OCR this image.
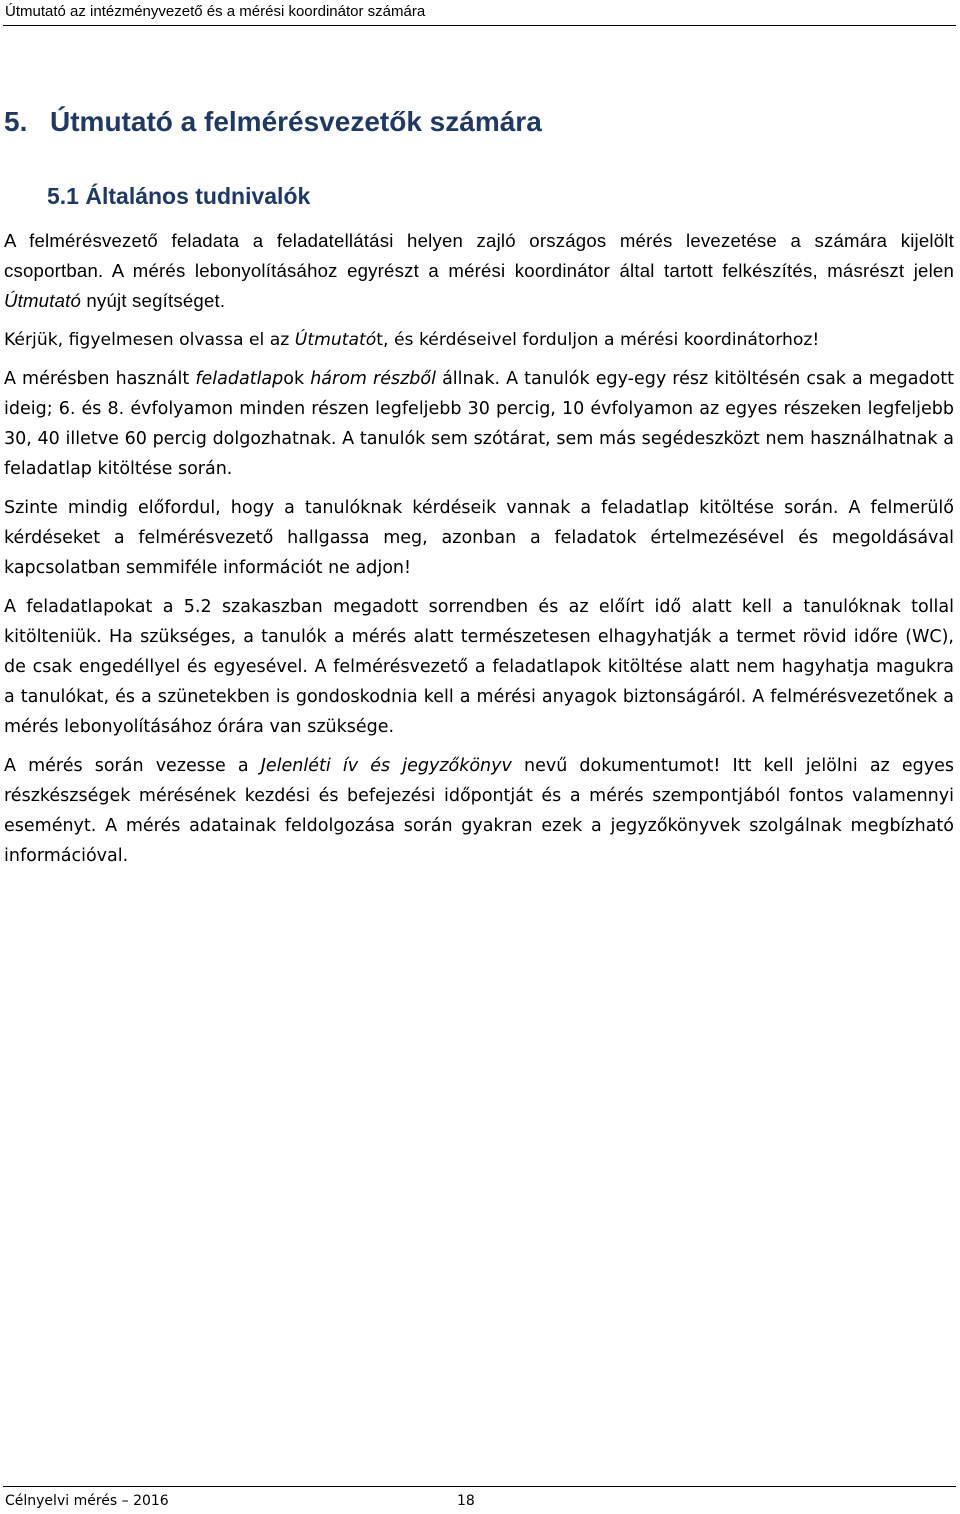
Útmutató az intézményvezető és a mérési koordinátor számára
5. Útmutató a felmérésvezetők számára
5.1 Általános tudnivalók

A felmérésvezető feladata a feladatellátási helyen zajló országos mérés levezetése a számára kijelölt csoportban. A mérés lebonyolításához egyrészt a mérési koordinátor által tartott felkészítés, másrészt jelen Útmutató nyújt segítséget.

Kérjük, figyelmesen olvassa el az Útmutatót, és kérdéseivel forduljon a mérési koordinátorhoz!

A mérésben használt feladatlapok három részből állnak. A tanulók egy-egy rész kitöltésén csak a megadott ideig; 6. és 8. évfolyamon minden részen legfeljebb 30 percig, 10 évfolyamon az egyes részeken legfeljebb 30, 40 illetve 60 percig dolgozhatnak. A tanulók sem szótárat, sem más segédeszközt nem használhatnak a feladatlap kitöltése során.

Szinte mindig előfordul, hogy a tanulóknak kérdéseik vannak a feladatlap kitöltése során. A felmerülő kérdéseket a felmérésvezető hallgassa meg, azonban a feladatok értelmezésével és megoldásával kapcsolatban semmiféle információt ne adjon!

A feladatlapokat a 5.2 szakaszban megadott sorrendben és az előírt idő alatt kell a tanulóknak tollal kitölteniük. Ha szükséges, a tanulók a mérés alatt természetesen elhagyhatják a termet rövid időre (WC), de csak engedéllyel és egyesével. A felmérésvezető a feladatlapok kitöltése alatt nem hagyhatja magukra a tanulókat, és a szünetekben is gondoskodnia kell a mérési anyagok biztonságáról. A felmérésvezetőnek a mérés lebonyolításához órára van szüksége.

A mérés során vezesse a Jelenléti ív és jegyzőkönyv nevű dokumentumot! Itt kell jelölni az egyes részkészségek mérésének kezdési és befejezési időpontját és a mérés szempontjából fontos valamennyi eseményt. A mérés adatainak feldolgozása során gyakran ezek a jegyzőkönyvek szolgálnak megbízható információval.

Célnyelvi mérés – 2016	18
